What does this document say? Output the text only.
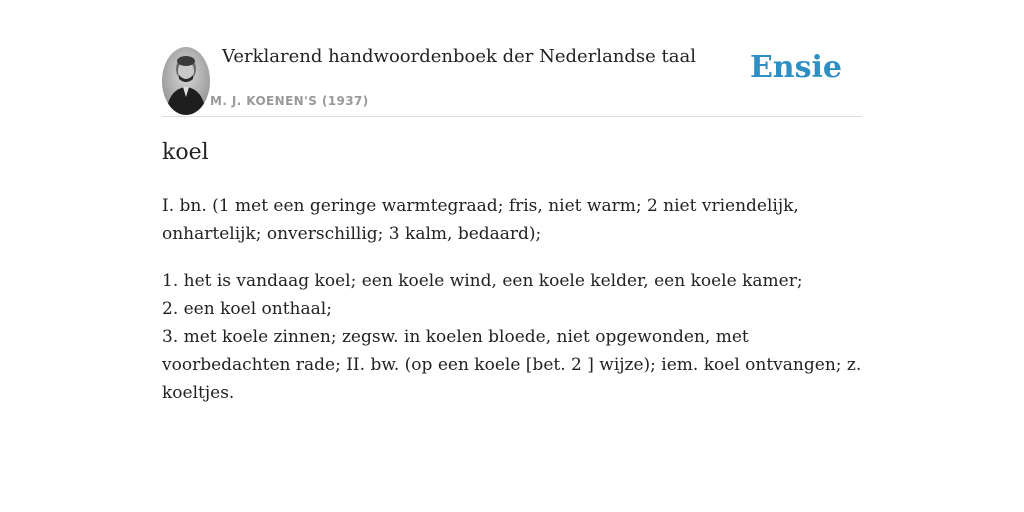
Verklarend handwoordenboek der Nederlandse taal
M. J. KOENEN'S (1937)
Ensie
koel

I. bn. (1 met een geringe warmtegraad; fris, niet warm; 2 niet vriendelijk, onhartelijk; onverschillig; 3 kalm, bedaard);

1. het is vandaag koel; een koele wind, een koele kelder, een koele kamer;
2. een koel onthaal;
3. met koele zinnen; zegsw. in koelen bloede, niet opgewonden, met voorbedachten rade; II. bw. (op een koele [bet. 2 ] wijze); iem. koel ontvangen; z. koeltjes.
